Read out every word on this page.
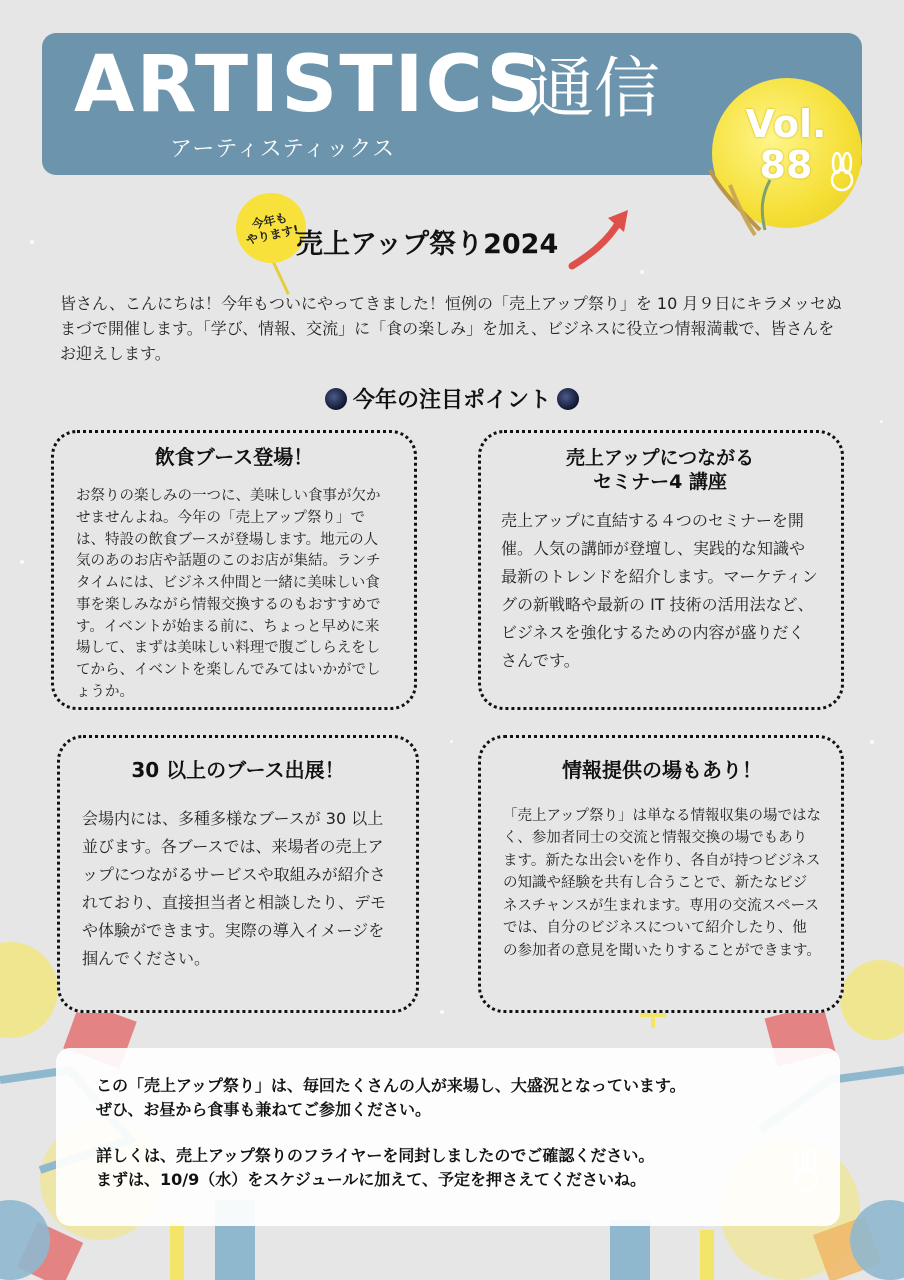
ARTISTICS
通信
アーティスティックス
Vol.
88
今年も
やります!
売上アップ祭り2024
皆さん、こんにちは！今年もついにやってきました！恒例の「売上アップ祭り」を 10 月９日にキラメッセぬまづで開催します。「学び、情報、交流」に「食の楽しみ」を加え、ビジネスに役立つ情報満載で、皆さんをお迎えします。
今年の注目ポイント
飲食ブース登場！
お祭りの楽しみの一つに、美味しい食事が欠かせませんよね。今年の「売上アップ祭り」では、特設の飲食ブースが登場します。地元の人気のあのお店や話題のこのお店が集結。ランチタイムには、ビジネス仲間と一緒に美味しい食事を楽しみながら情報交換するのもおすすめです。イベントが始まる前に、ちょっと早めに来場して、まずは美味しい料理で腹ごしらえをしてから、イベントを楽しんでみてはいかがでしょうか。
売上アップにつながる
セミナー4 講座
売上アップに直結する４つのセミナーを開催。人気の講師が登壇し、実践的な知識や最新のトレンドを紹介します。マーケティングの新戦略や最新の IT 技術の活用法など、ビジネスを強化するための内容が盛りだくさんです。
30 以上のブース出展！
会場内には、多種多様なブースが 30 以上並びます。各ブースでは、来場者の売上アップにつながるサービスや取組みが紹介されており、直接担当者と相談したり、デモや体験ができます。実際の導入イメージを掴んでください。
情報提供の場もあり！
「売上アップ祭り」は単なる情報収集の場ではなく、参加者同士の交流と情報交換の場でもあります。新たな出会いを作り、各自が持つビジネスの知識や経験を共有し合うことで、新たなビジネスチャンスが生まれます。専用の交流スペースでは、自分のビジネスについて紹介したり、他の参加者の意見を聞いたりすることができます。

この「売上アップ祭り」は、毎回たくさんの人が来場し、大盛況となっています。

ぜひ、お昼から食事も兼ねてご参加ください。

詳しくは、売上アップ祭りのフライヤーを同封しましたのでご確認ください。

まずは、10/9（水）をスケジュールに加えて、予定を押さえてくださいね。
